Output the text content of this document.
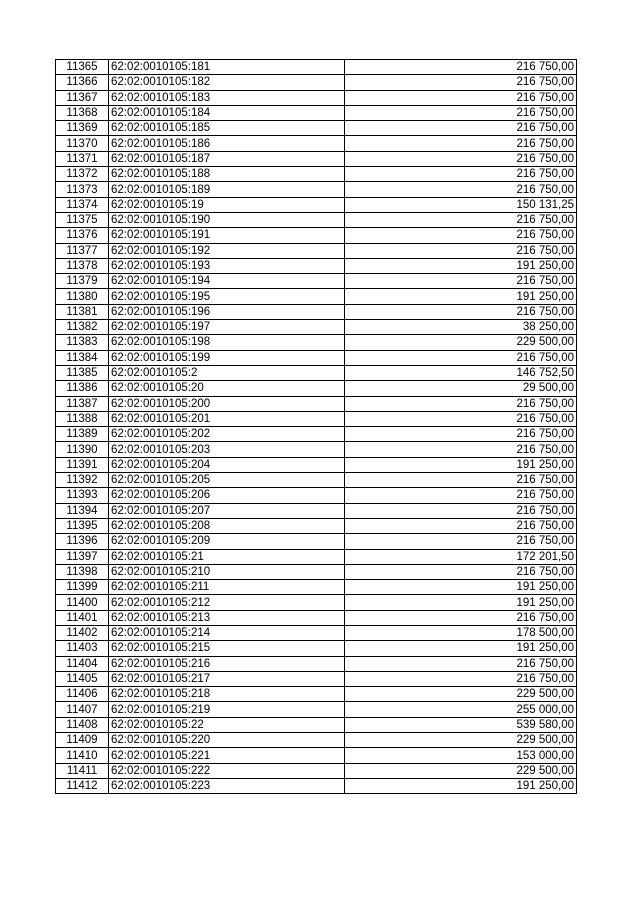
11365	62:02:0010105:181	216 750,00
11366	62:02:0010105:182	216 750,00
11367	62:02:0010105:183	216 750,00
11368	62:02:0010105:184	216 750,00
11369	62:02:0010105:185	216 750,00
11370	62:02:0010105:186	216 750,00
11371	62:02:0010105:187	216 750,00
11372	62:02:0010105:188	216 750,00
11373	62:02:0010105:189	216 750,00
11374	62:02:0010105:19	150 131,25
11375	62:02:0010105:190	216 750,00
11376	62:02:0010105:191	216 750,00
11377	62:02:0010105:192	216 750,00
11378	62:02:0010105:193	191 250,00
11379	62:02:0010105:194	216 750,00
11380	62:02:0010105:195	191 250,00
11381	62:02:0010105:196	216 750,00
11382	62:02:0010105:197	38 250,00
11383	62:02:0010105:198	229 500,00
11384	62:02:0010105:199	216 750,00
11385	62:02:0010105:2	146 752,50
11386	62:02:0010105:20	29 500,00
11387	62:02:0010105:200	216 750,00
11388	62:02:0010105:201	216 750,00
11389	62:02:0010105:202	216 750,00
11390	62:02:0010105:203	216 750,00
11391	62:02:0010105:204	191 250,00
11392	62:02:0010105:205	216 750,00
11393	62:02:0010105:206	216 750,00
11394	62:02:0010105:207	216 750,00
11395	62:02:0010105:208	216 750,00
11396	62:02:0010105:209	216 750,00
11397	62:02:0010105:21	172 201,50
11398	62:02:0010105:210	216 750,00
11399	62:02:0010105:211	191 250,00
11400	62:02:0010105:212	191 250,00
11401	62:02:0010105:213	216 750,00
11402	62:02:0010105:214	178 500,00
11403	62:02:0010105:215	191 250,00
11404	62:02:0010105:216	216 750,00
11405	62:02:0010105:217	216 750,00
11406	62:02:0010105:218	229 500,00
11407	62:02:0010105:219	255 000,00
11408	62:02:0010105:22	539 580,00
11409	62:02:0010105:220	229 500,00
11410	62:02:0010105:221	153 000,00
11411	62:02:0010105:222	229 500,00
11412	62:02:0010105:223	191 250,00
